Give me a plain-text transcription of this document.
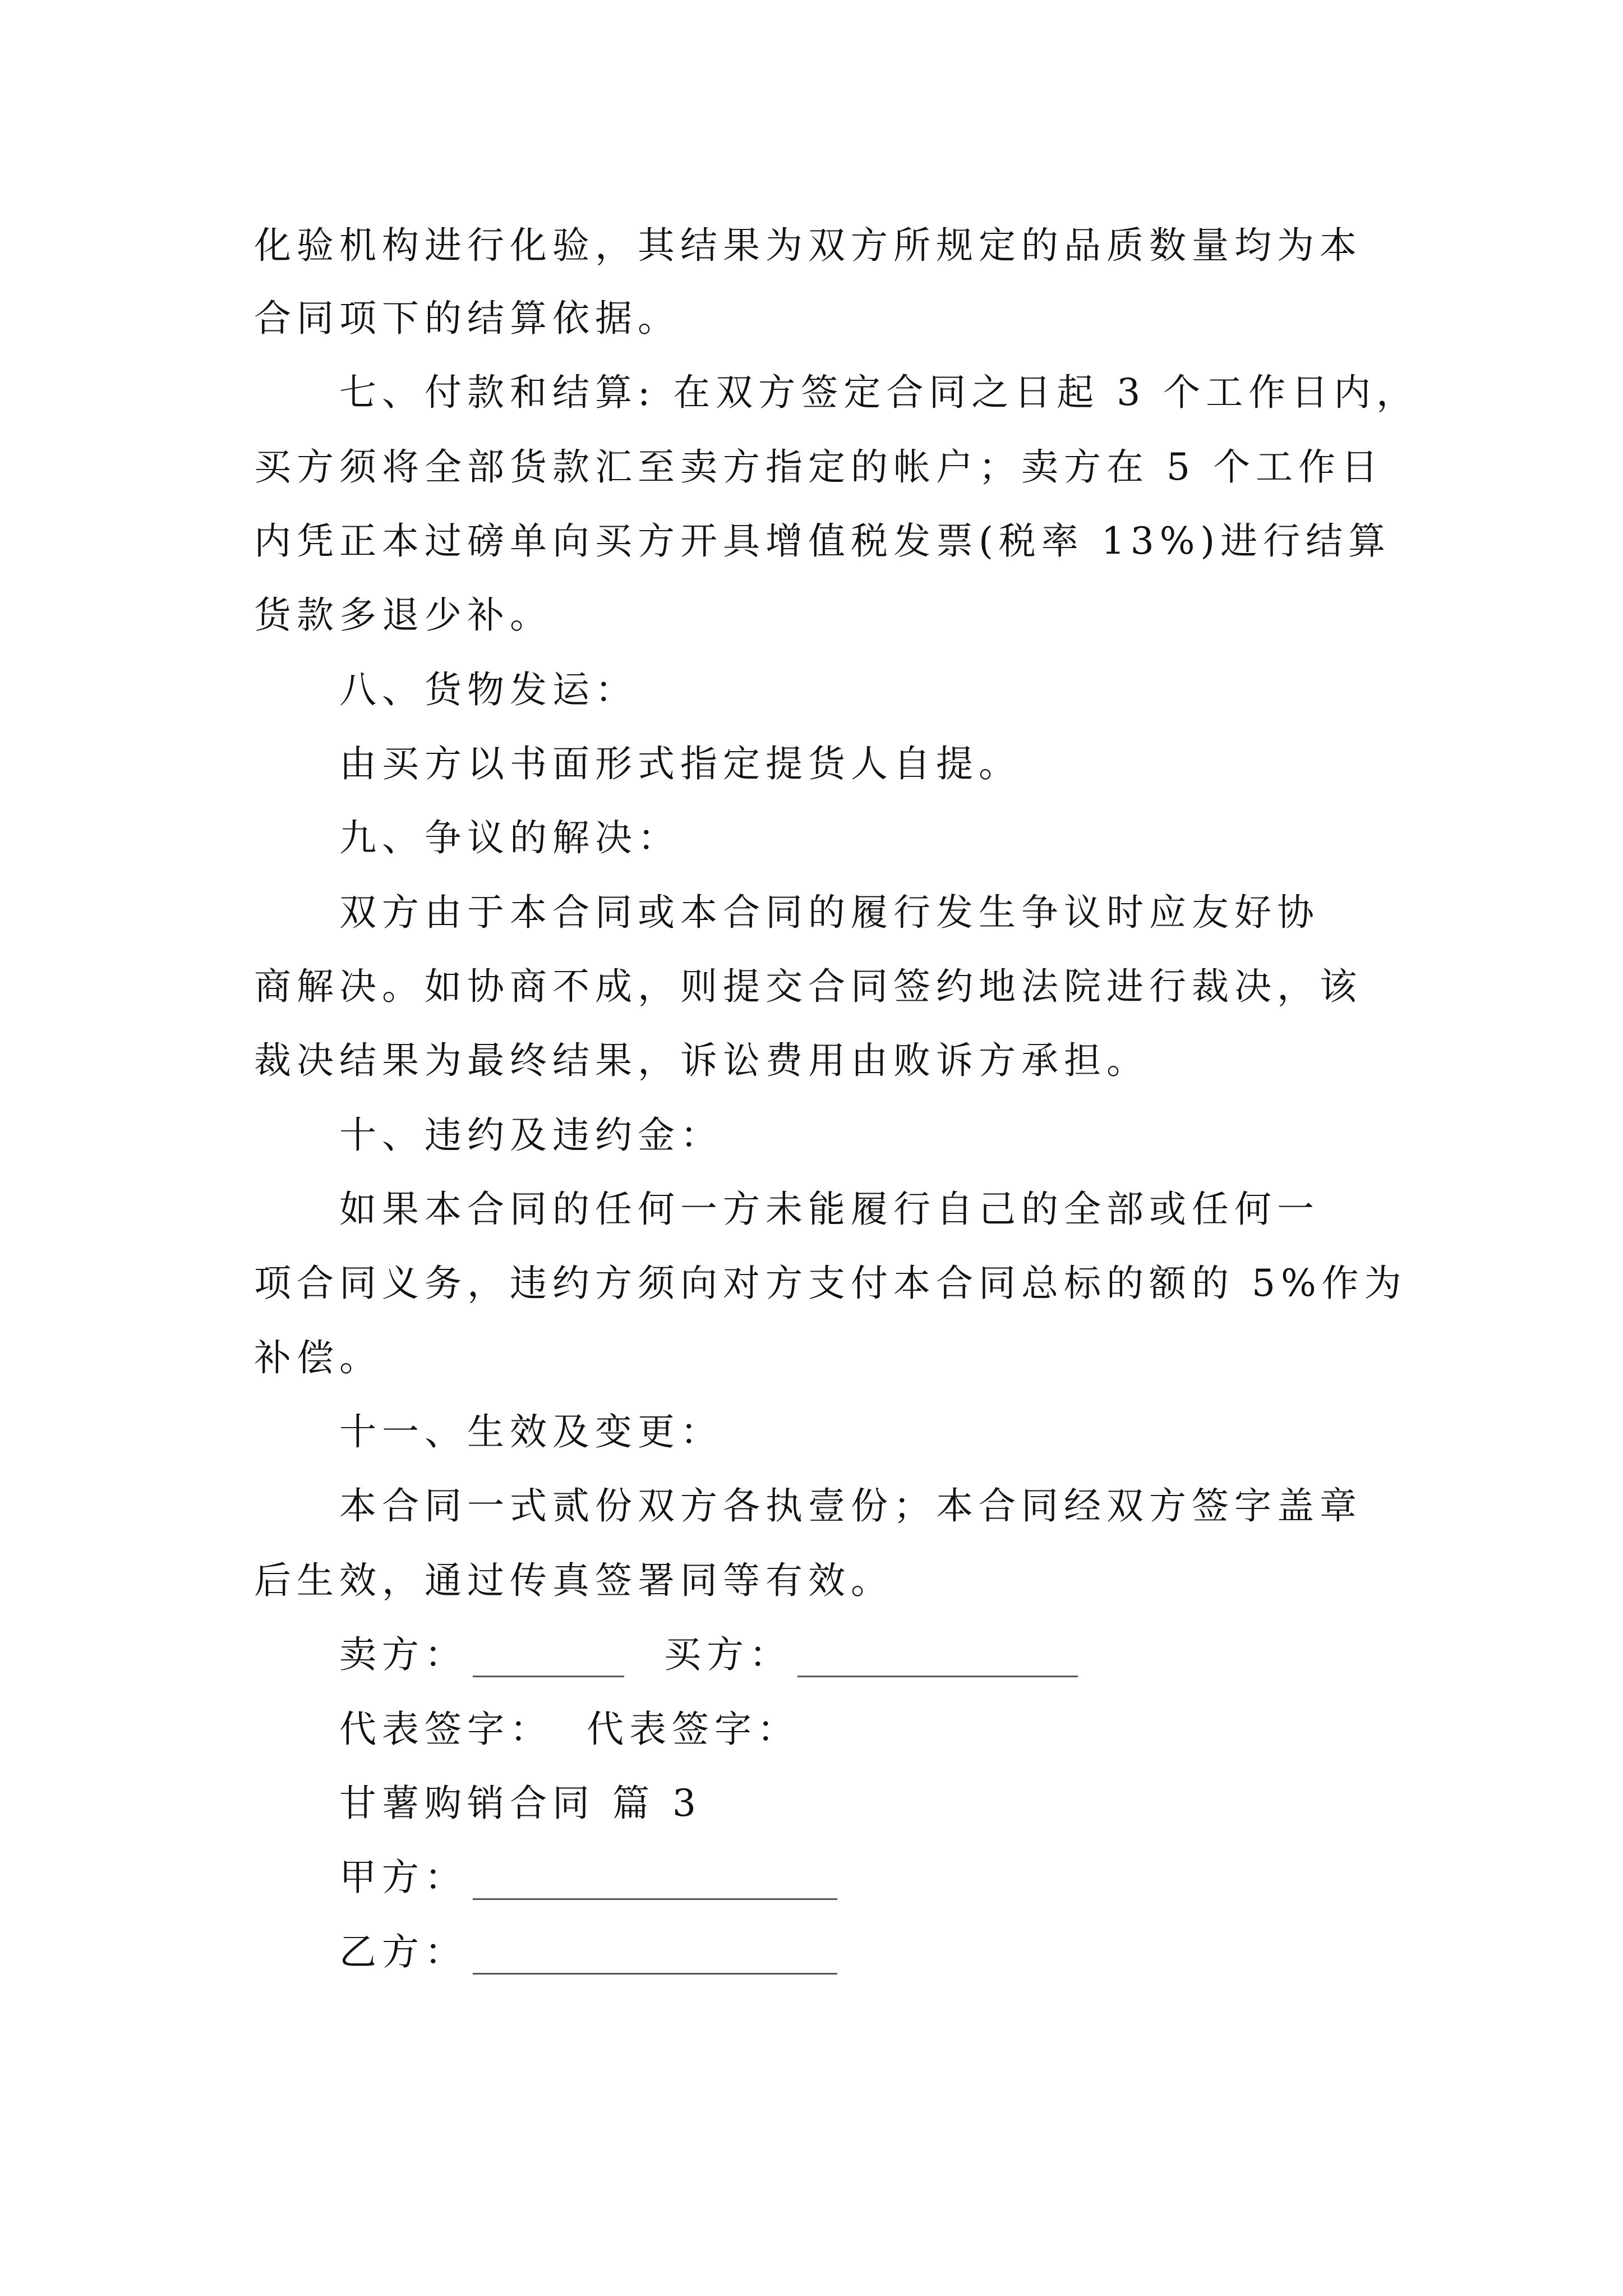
化验机构进行化验，其结果为双方所规定的品质数量均为本
合同项下的结算依据。
七、付款和结算: 在双方签定合同之日起 3 个工作日内，
买方须将全部货款汇至卖方指定的帐户；卖方在 5 个工作日
内凭正本过磅单向买方开具增值税发票(税率 13%)进行结算
货款多退少补。
八、货物发运：
由买方以书面形式指定提货人自提。
九、争议的解决：
双方由于本合同或本合同的履行发生争议时应友好协
商解决。如协商不成，则提交合同签约地法院进行裁决，该
裁决结果为最终结果，诉讼费用由败诉方承担。
十、违约及违约金：
如果本合同的任何一方未能履行自己的全部或任何一
项合同义务，违约方须向对方支付本合同总标的额的 5%作为
补偿。
十一、生效及变更：
本合同一式贰份双方各执壹份；本合同经双方签字盖章
后生效，通过传真签署同等有效。
卖方：	买方：
代表签字： 代表签字：
甘薯购销合同 篇 3
甲方：
乙方：
